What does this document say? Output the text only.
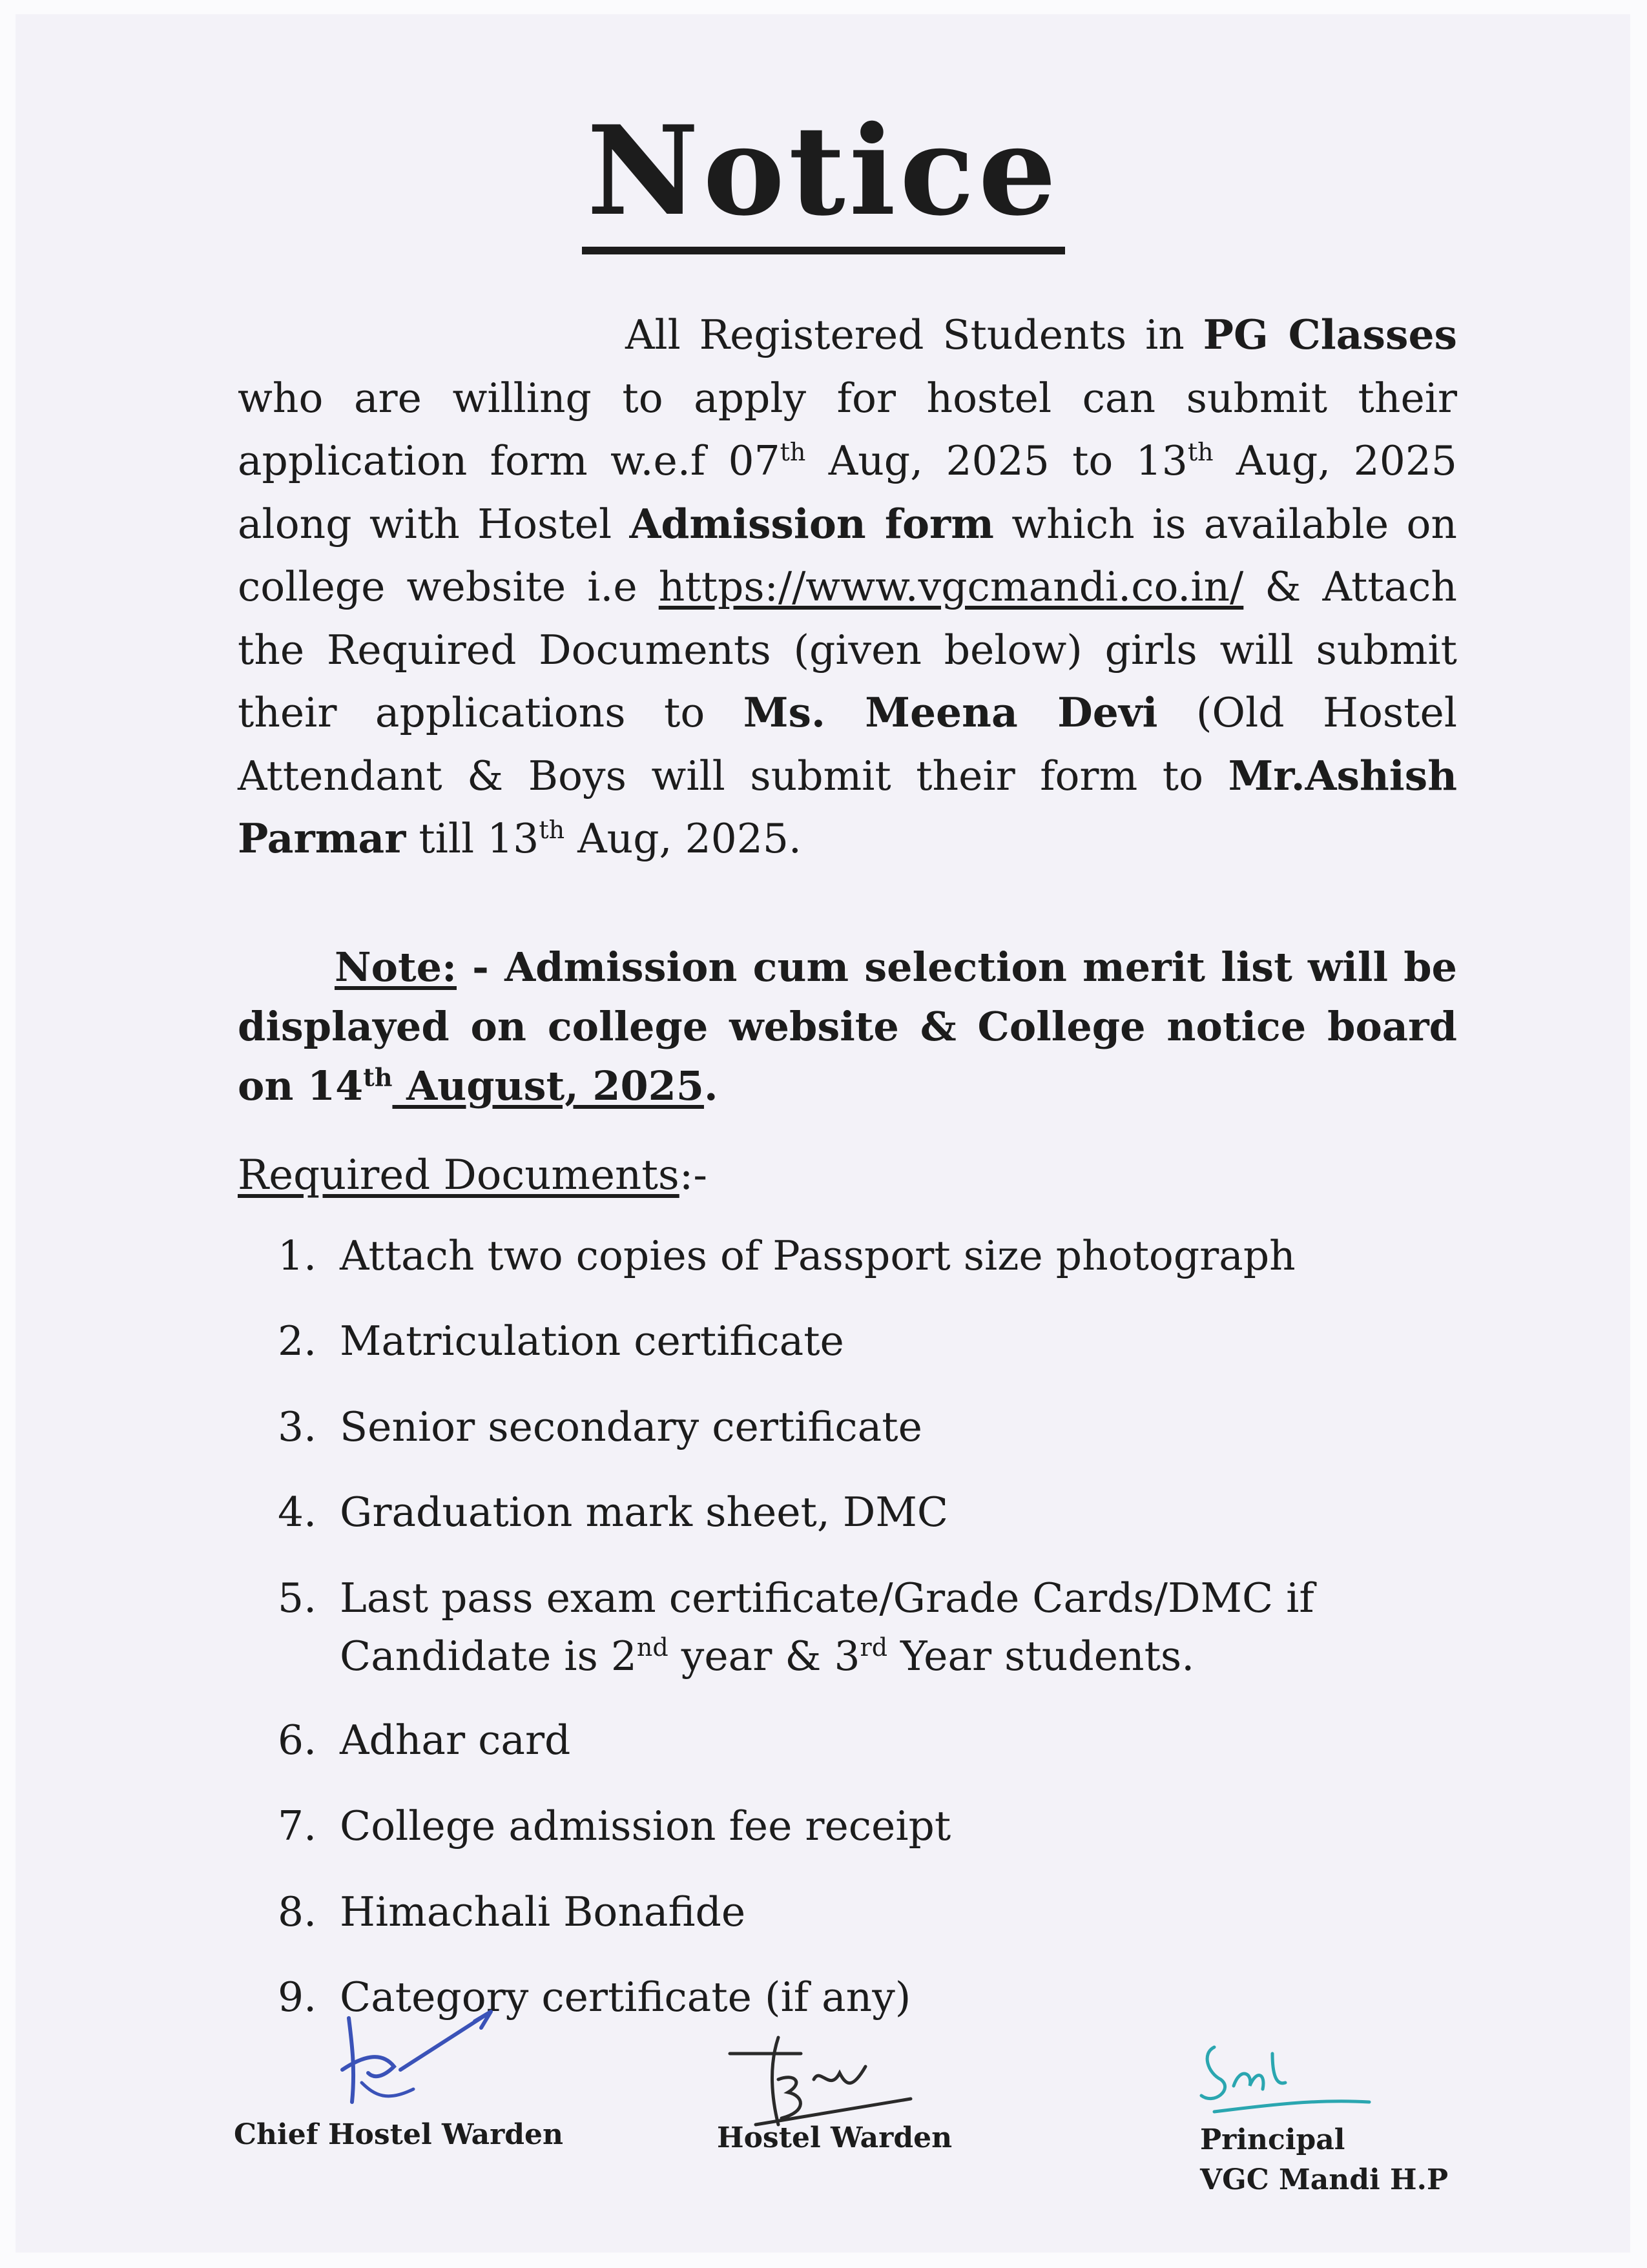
Notice
All Registered Students in PG Classes who are willing to apply for hostel can submit their application form w.e.f 07th Aug, 2025 to 13th Aug, 2025 along with Hostel Admission form which is available on college website i.e https://www.vgcmandi.co.in/ & Attach the Required Documents (given below) girls will submit their applications to Ms. Meena Devi (Old Hostel Attendant & Boys will submit their form to Mr.Ashish Parmar till 13th Aug, 2025.
Note: - Admission cum selection merit list will be displayed on college website & College notice board on 14th August, 2025.
Required Documents:-
1. Attach two copies of Passport size photograph
2. Matriculation certificate
3. Senior secondary certificate
4. Graduation mark sheet, DMC
5. Last pass exam certificate/Grade Cards/DMC if
Candidate is 2nd year & 3rd Year students.
6. Adhar card
7. College admission fee receipt
8. Himachali Bonafide
9. Category certificate (if any)
Chief Hostel Warden	Hostel Warden	Principal
VGC Mandi H.P
